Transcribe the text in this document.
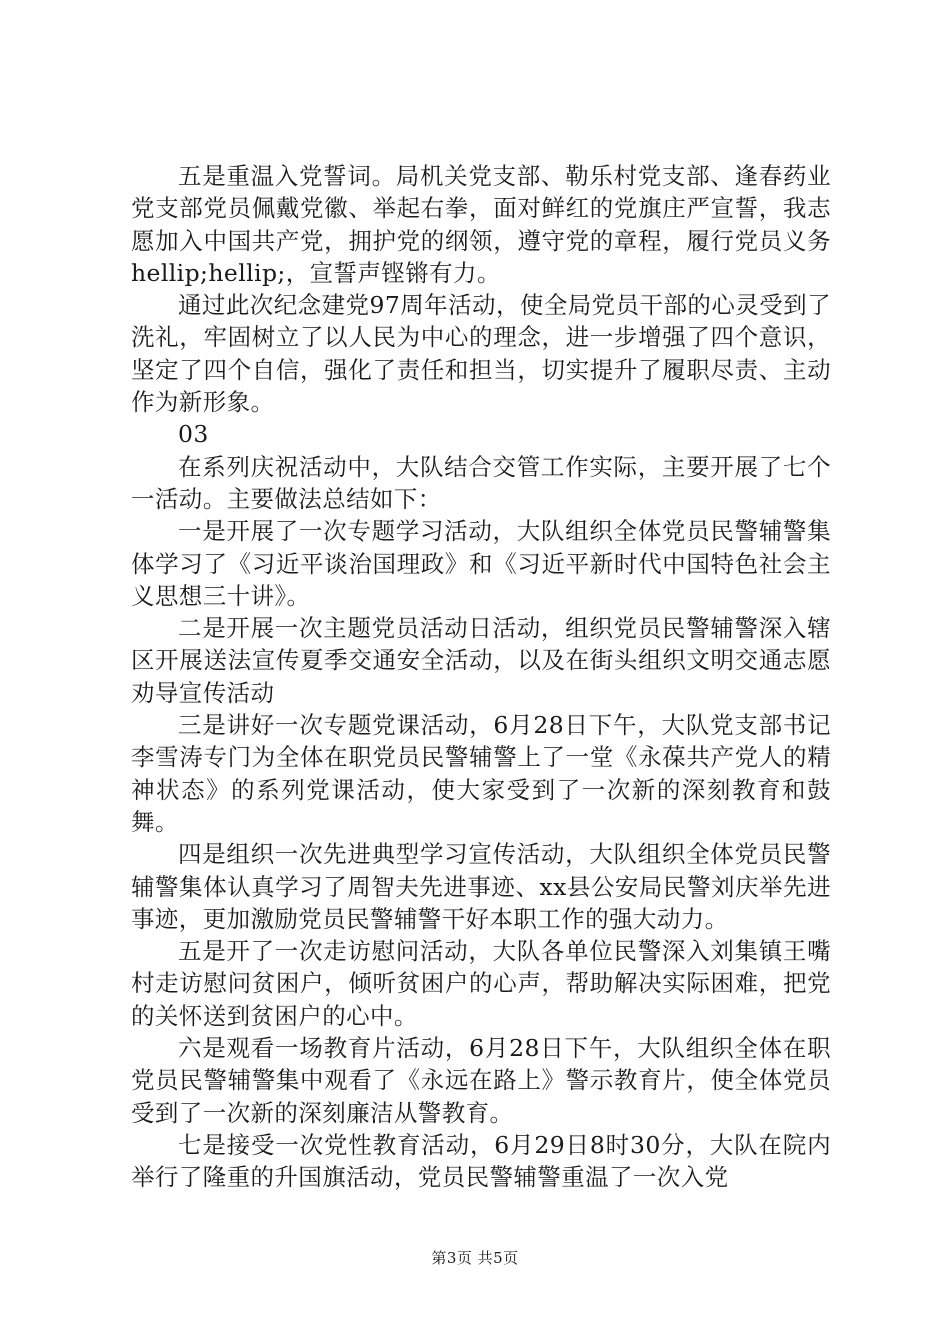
五是重温入党誓词。局机关党支部、勒乐村党支部、逢春药业党支部党员佩戴党徽、举起右拳，面对鲜红的党旗庄严宣誓，我志愿加入中国共产党，拥护党的纲领，遵守党的章程，履行党员义务hellip;hellip;，宣誓声铿锵有力。

通过此次纪念建党97周年活动，使全局党员干部的心灵受到了洗礼，牢固树立了以人民为中心的理念，进一步增强了四个意识，坚定了四个自信，强化了责任和担当，切实提升了履职尽责、主动作为新形象。

03

在系列庆祝活动中，大队结合交管工作实际，主要开展了七个一活动。主要做法总结如下：

一是开展了一次专题学习活动，大队组织全体党员民警辅警集体学习了《习近平谈治国理政》和《习近平新时代中国特色社会主义思想三十讲》。

二是开展一次主题党员活动日活动，组织党员民警辅警深入辖区开展送法宣传夏季交通安全活动，以及在街头组织文明交通志愿劝导宣传活动

三是讲好一次专题党课活动，6月28日下午，大队党支部书记李雪涛专门为全体在职党员民警辅警上了一堂《永葆共产党人的精神状态》的系列党课活动，使大家受到了一次新的深刻教育和鼓舞。

四是组织一次先进典型学习宣传活动，大队组织全体党员民警辅警集体认真学习了周智夫先进事迹、xx县公安局民警刘庆举先进事迹，更加激励党员民警辅警干好本职工作的强大动力。

五是开了一次走访慰问活动，大队各单位民警深入刘集镇王嘴村走访慰问贫困户，倾听贫困户的心声，帮助解决实际困难，把党的关怀送到贫困户的心中。

六是观看一场教育片活动，6月28日下午，大队组织全体在职党员民警辅警集中观看了《永远在路上》警示教育片，使全体党员受到了一次新的深刻廉洁从警教育。

七是接受一次党性教育活动，6月29日8时30分，大队在院内举行了隆重的升国旗活动，党员民警辅警重温了一次入党

第3页 共5页
